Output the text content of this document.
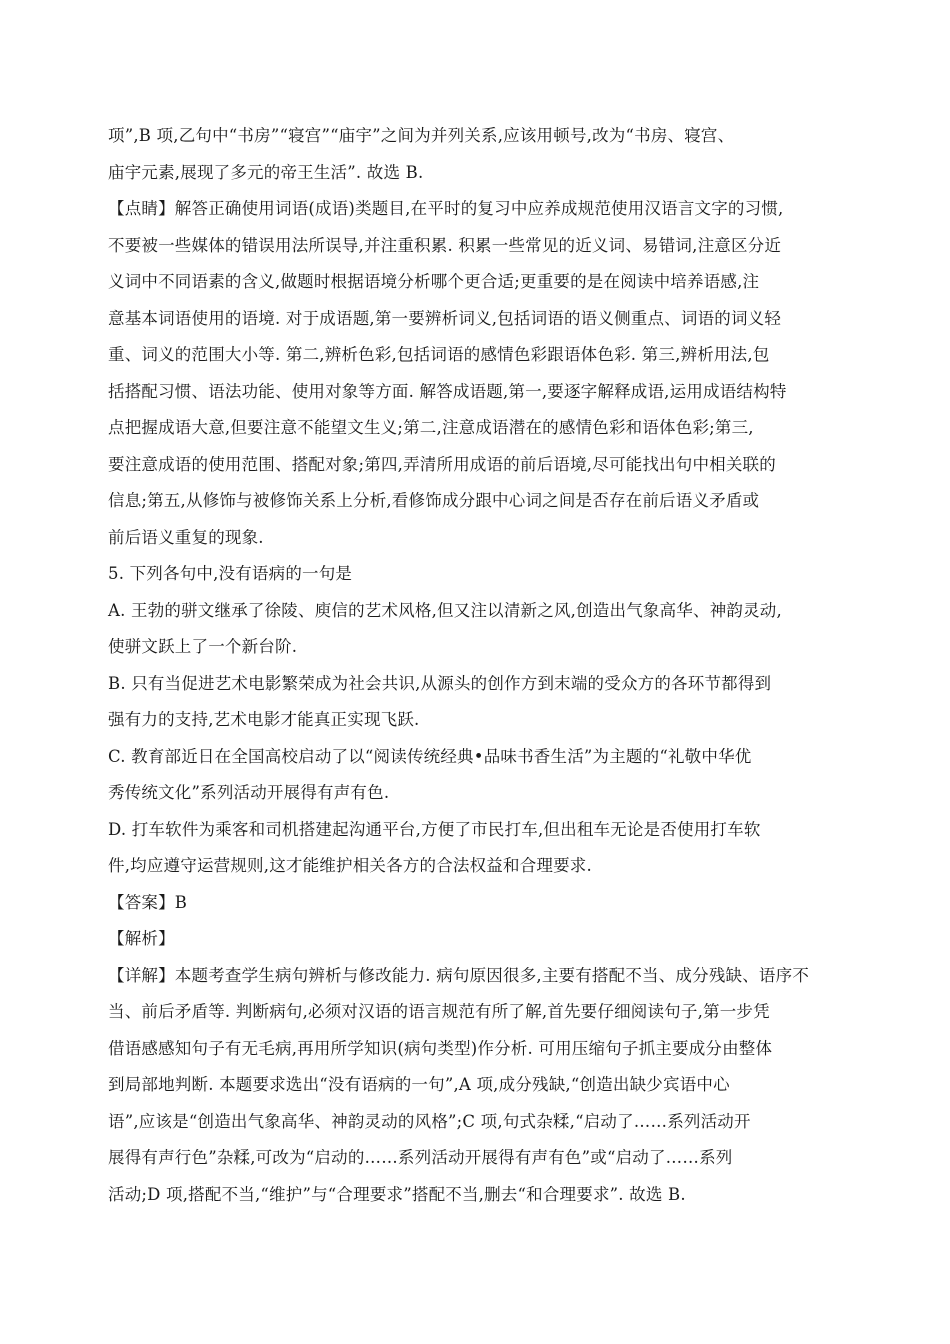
项”,B 项,乙句中“书房”“寝宫”“庙宇”之间为并列关系,应该用顿号,改为“书房、寝宫、
庙宇元素,展现了多元的帝王生活”. 故选 B.
【点睛】解答正确使用词语(成语)类题目,在平时的复习中应养成规范使用汉语言文字的习惯,
不要被一些媒体的错误用法所误导,并注重积累. 积累一些常见的近义词、易错词,注意区分近
义词中不同语素的含义,做题时根据语境分析哪个更合适;更重要的是在阅读中培养语感,注
意基本词语使用的语境. 对于成语题,第一要辨析词义,包括词语的语义侧重点、词语的词义轻
重、词义的范围大小等. 第二,辨析色彩,包括词语的感情色彩跟语体色彩. 第三,辨析用法,包
括搭配习惯、语法功能、使用对象等方面. 解答成语题,第一,要逐字解释成语,运用成语结构特
点把握成语大意,但要注意不能望文生义;第二,注意成语潜在的感情色彩和语体色彩;第三,
要注意成语的使用范围、搭配对象;第四,弄清所用成语的前后语境,尽可能找出句中相关联的
信息;第五,从修饰与被修饰关系上分析,看修饰成分跟中心词之间是否存在前后语义矛盾或
前后语义重复的现象.
5. 下列各句中,没有语病的一句是
A. 王勃的骈文继承了徐陵、庾信的艺术风格,但又注以清新之风,创造出气象高华、神韵灵动,
使骈文跃上了一个新台阶.
B. 只有当促进艺术电影繁荣成为社会共识,从源头的创作方到末端的受众方的各环节都得到
强有力的支持,艺术电影才能真正实现飞跃.
C. 教育部近日在全国高校启动了以“阅读传统经典•品味书香生活”为主题的“礼敬中华优
秀传统文化”系列活动开展得有声有色.
D. 打车软件为乘客和司机搭建起沟通平台,方便了市民打车,但出租车无论是否使用打车软
件,均应遵守运营规则,这才能维护相关各方的合法权益和合理要求.
【答案】B
【解析】
【详解】本题考查学生病句辨析与修改能力. 病句原因很多,主要有搭配不当、成分残缺、语序不
当、前后矛盾等. 判断病句,必须对汉语的语言规范有所了解,首先要仔细阅读句子,第一步凭
借语感感知句子有无毛病,再用所学知识(病句类型)作分析. 可用压缩句子抓主要成分由整体
到局部地判断. 本题要求选出“没有语病的一句”,A 项,成分残缺,“创造出缺少宾语中心
语”,应该是“创造出气象高华、神韵灵动的风格”;C 项,句式杂糅,“启动了……系列活动开
展得有声行色”杂糅,可改为“启动的……系列活动开展得有声有色”或“启动了……系列
活动;D 项,搭配不当,“维护”与“合理要求”搭配不当,删去“和合理要求”. 故选 B.
